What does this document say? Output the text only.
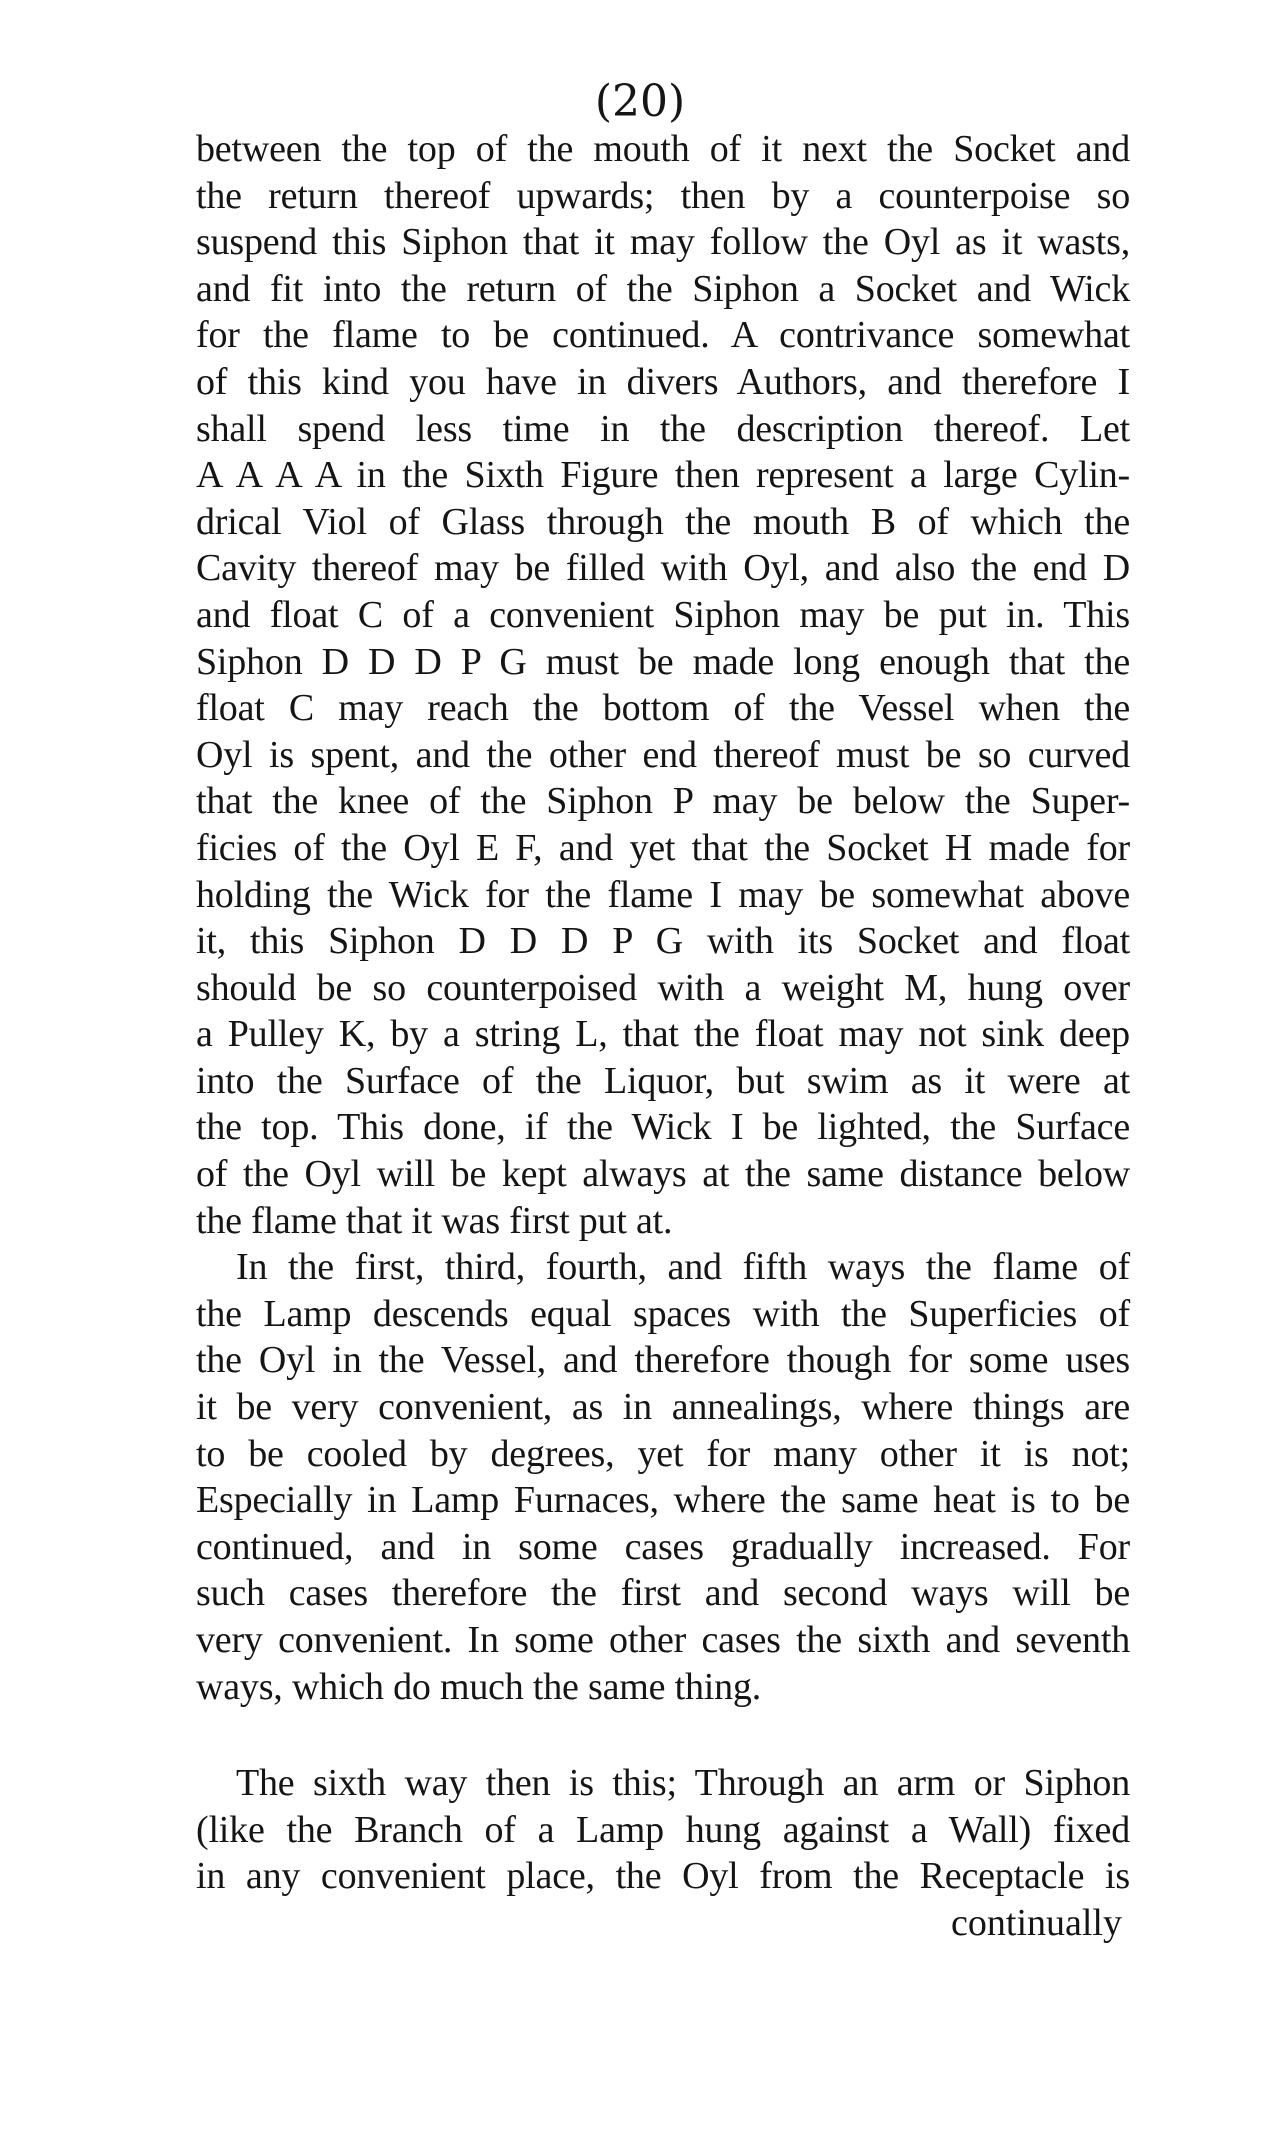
(20)
between the top of the mouth of it next the Socket and
the return thereof upwards; then by a counterpoise so
suspend this Siphon that it may follow the Oyl as it wasts,
and fit into the return of the Siphon a Socket and Wick
for the flame to be continued. A contrivance somewhat
of this kind you have in divers Authors, and therefore I
shall spend less time in the description thereof. Let
A A A A in the Sixth Figure then represent a large Cylin-
drical Viol of Glass through the mouth B of which the
Cavity thereof may be filled with Oyl, and also the end D
and float C of a convenient Siphon may be put in. This
Siphon D D D P G must be made long enough that the
float C may reach the bottom of the Vessel when the
Oyl is spent, and the other end thereof must be so curved
that the knee of the Siphon P may be below the Super-
ficies of the Oyl E F, and yet that the Socket H made for
holding the Wick for the flame I may be somewhat above
it, this Siphon D D D P G with its Socket and float
should be so counterpoised with a weight M, hung over
a Pulley K, by a string L, that the float may not sink deep
into the Surface of the Liquor, but swim as it were at
the top. This done, if the Wick I be lighted, the Surface
of the Oyl will be kept always at the same distance below
the flame that it was first put at.
In the first, third, fourth, and fifth ways the flame of
the Lamp descends equal spaces with the Superficies of
the Oyl in the Vessel, and therefore though for some uses
it be very convenient, as in annealings, where things are
to be cooled by degrees, yet for many other it is not;
Especially in Lamp Furnaces, where the same heat is to be
continued, and in some cases gradually increased. For
such cases therefore the first and second ways will be
very convenient. In some other cases the sixth and seventh
ways, which do much the same thing.
The sixth way then is this; Through an arm or Siphon
(like the Branch of a Lamp hung against a Wall) fixed
in any convenient place, the Oyl from the Receptacle is
continually
